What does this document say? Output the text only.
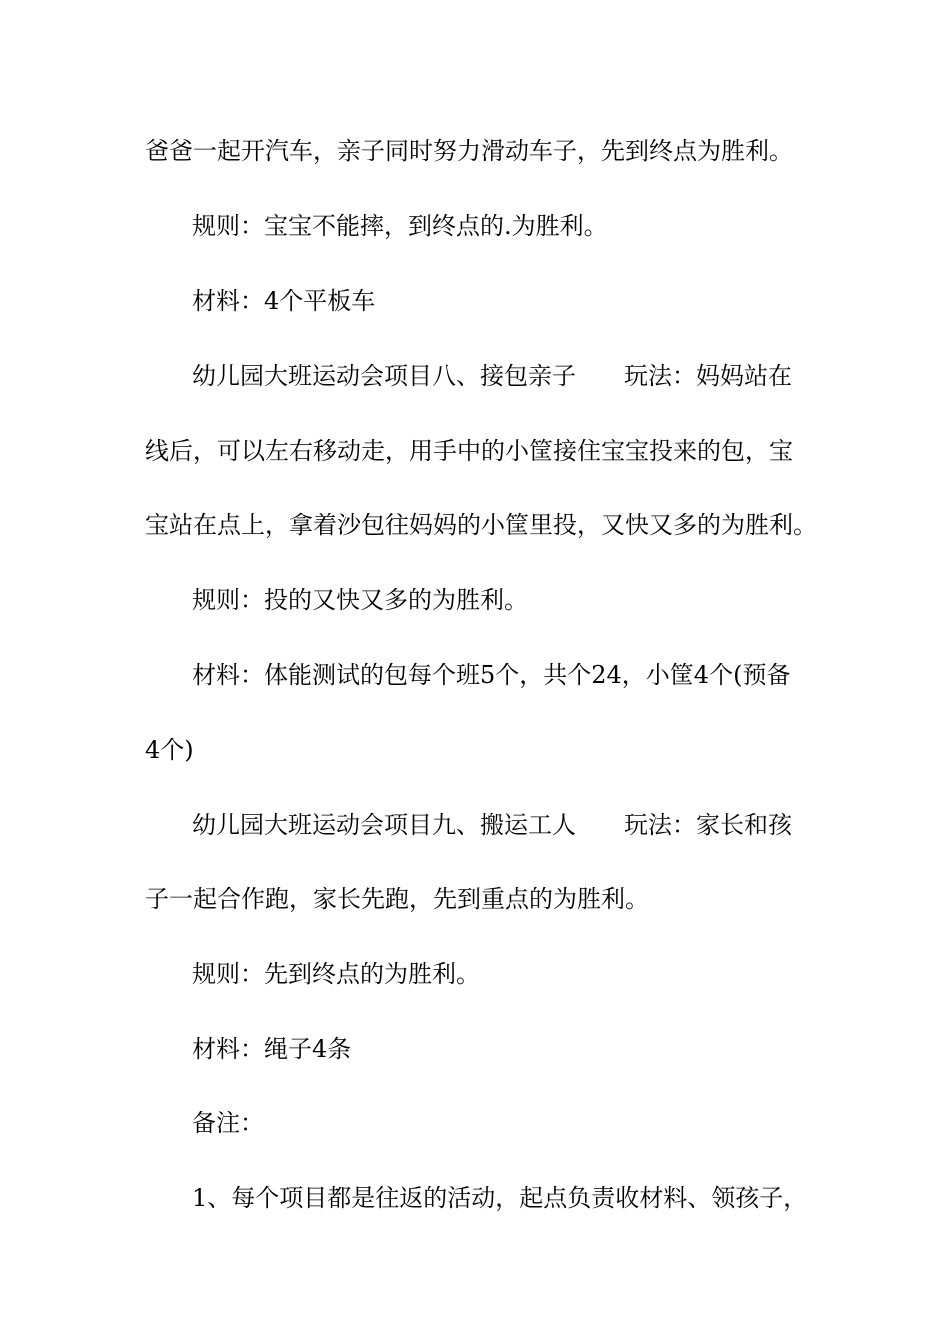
爸爸一起开汽车，亲子同时努力滑动车子，先到终点为胜利。
规则：宝宝不能摔，到终点的.为胜利。
材料：4个平板车
幼儿园大班运动会项目八、接包亲子　　玩法：妈妈站在
线后，可以左右移动走，用手中的小筐接住宝宝投来的包，宝
宝站在点上，拿着沙包往妈妈的小筐里投，又快又多的为胜利。
规则：投的又快又多的为胜利。
材料：体能测试的包每个班5个，共个24，小筐4个(预备
4个)
幼儿园大班运动会项目九、搬运工人　　玩法：家长和孩
子一起合作跑，家长先跑，先到重点的为胜利。
规则：先到终点的为胜利。
材料：绳子4条
备注：
1、每个项目都是往返的活动，起点负责收材料、领孩子，
